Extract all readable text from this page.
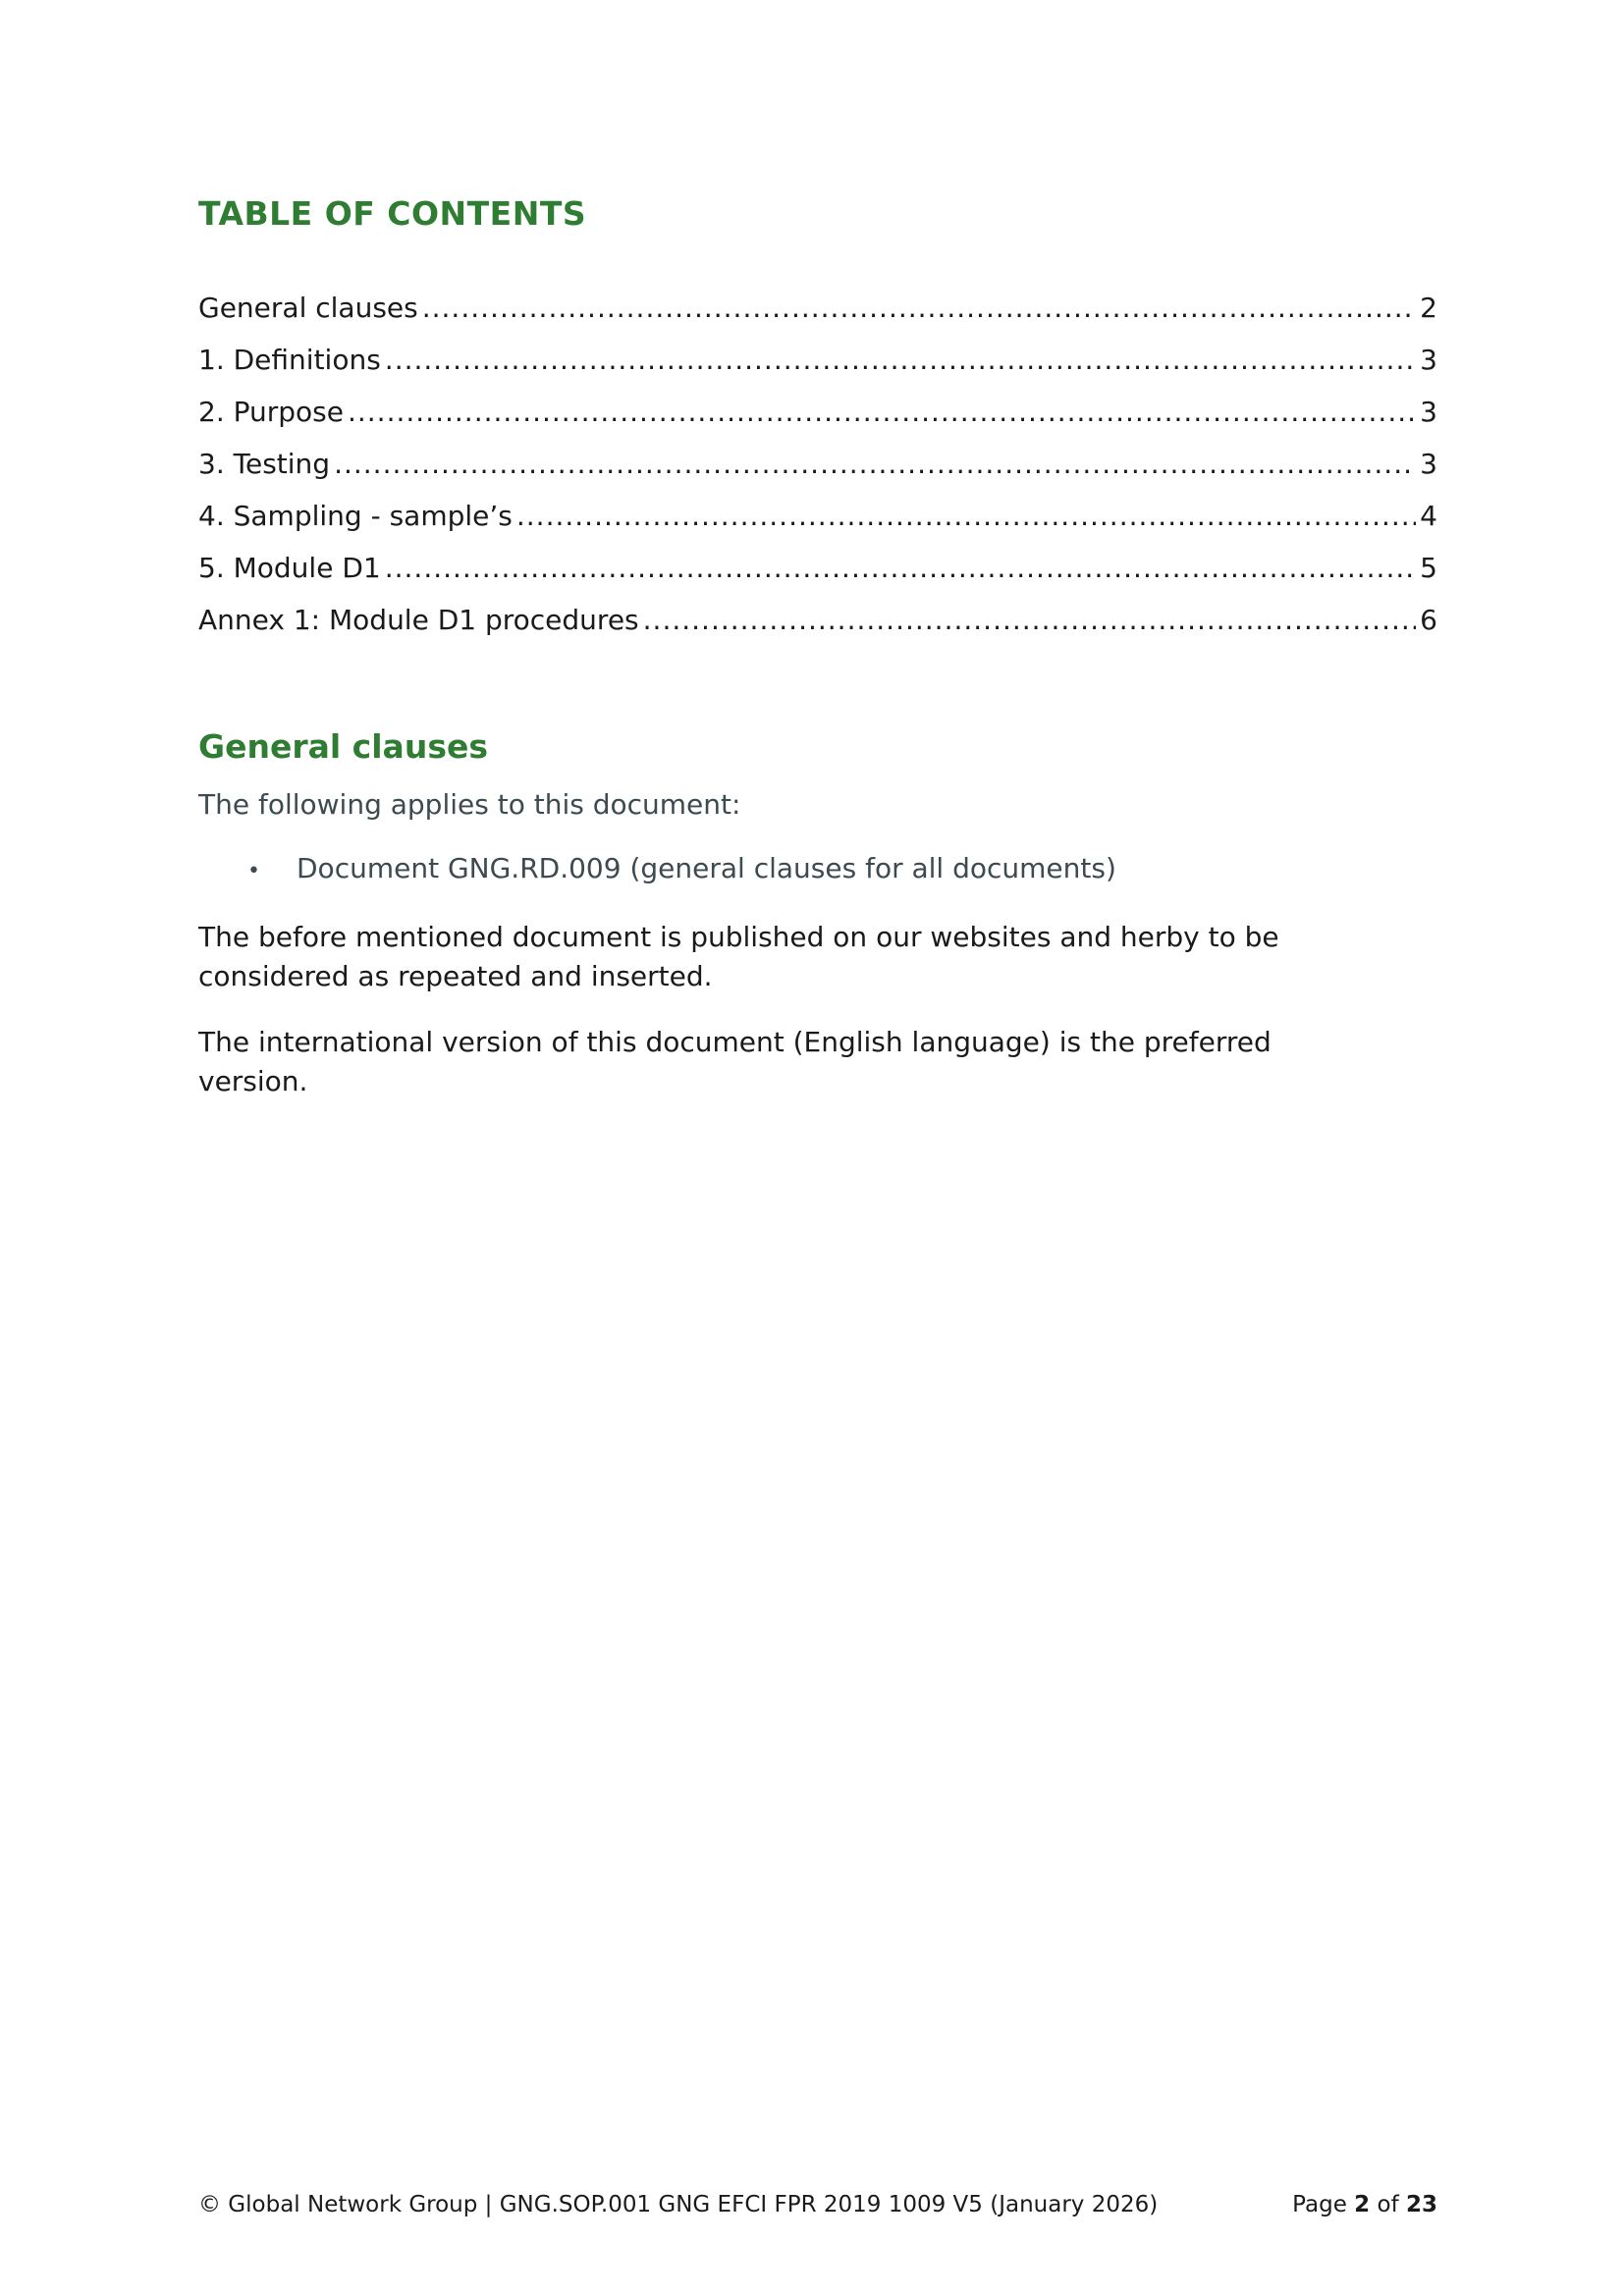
TABLE OF CONTENTS
General clauses .....	2
1. Definitions .....	3
2. Purpose .....	3
3. Testing .....	3
4. Sampling - sample’s .....	4
5. Module D1 .....	5
Annex 1: Module D1 procedures .....	6
General clauses

The following applies to this document:

•	Document GNG.RD.009 (general clauses for all documents)

The before mentioned document is published on our websites and herby to be considered as repeated and inserted.

The international version of this document (English language) is the preferred version.

© Global Network Group | GNG.SOP.001 GNG EFCI FPR 2019 1009 V5 (January 2026)	Page 2 of 23
